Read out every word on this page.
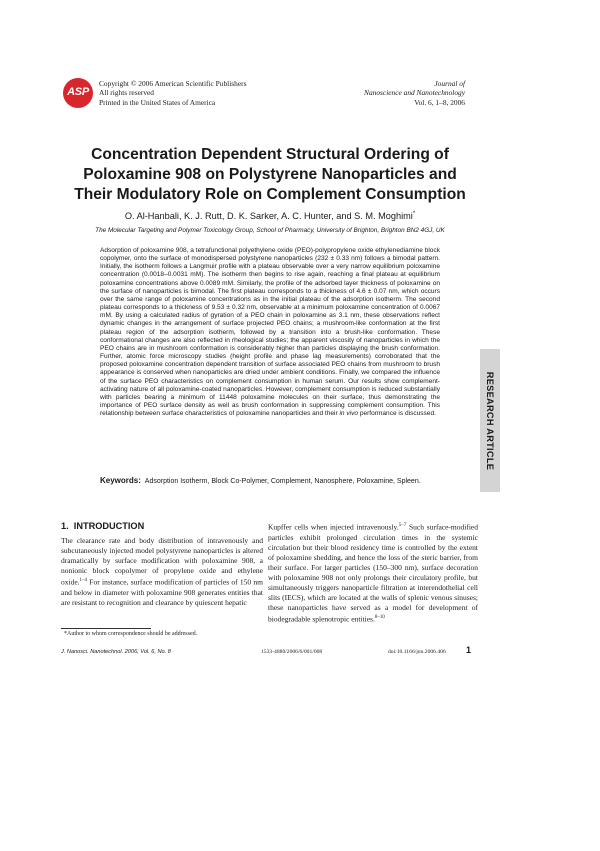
ASP
Copyright © 2006 American Scientific Publishers
All rights reserved
Printed in the United States of America
Journal of
Nanoscience and Nanotechnology
Vol. 6, 1–8, 2006
Concentration Dependent Structural Ordering of Poloxamine 908 on Polystyrene Nanoparticles and Their Modulatory Role on Complement Consumption
O. Al-Hanbali, K. J. Rutt, D. K. Sarker, A. C. Hunter, and S. M. Moghimi*
The Molecular Targeting and Polymer Toxicology Group, School of Pharmacy, University of Brighton, Brighton BN2 4GJ, UK
Adsorption of poloxamine 908, a tetrafunctional polyethylene oxide (PEO)-polypropylene oxide ethylenediamine block copolymer, onto the surface of monodispersed polystyrene nanoparticles (232 ± 0.33 nm) follows a bimodal pattern. Initially, the isotherm follows a Langmuir profile with a plateau observable over a very narrow equilibrium poloxamine concentration (0.0018–0.0031 mM). The isotherm then begins to rise again, reaching a final plateau at equilibrium poloxamine concentrations above 0.0089 mM. Similarly, the profile of the adsorbed layer thickness of poloxamine on the surface of nanoparticles is bimodal. The first plateau corresponds to a thickness of 4.6 ± 0.07 nm, which occurs over the same range of poloxamine concentrations as in the initial plateau of the adsorption isotherm. The second plateau corresponds to a thickness of 9.53 ± 0.32 nm, observable at a minimum poloxamine concentration of 0.0067 mM. By using a calculated radius of gyration of a PEO chain in poloxamine as 3.1 nm, these observations reflect dynamic changes in the arrangement of surface projected PEO chains; a mushroom-like conformation at the first plateau region of the adsorption isotherm, followed by a transition into a brush-like conformation. These conformational changes are also reflected in rheological studies; the apparent viscosity of nanoparticles in which the PEO chains are in mushroom conformation is considerably higher than particles displaying the brush conformation. Further, atomic force microscopy studies (height profile and phase lag measurements) corroborated that the proposed poloxamine concentration dependent transition of surface associated PEO chains from mushroom to brush appearance is conserved when nanoparticles are dried under ambient conditions. Finally, we compared the influence of the surface PEO characteristics on complement consumption in human serum. Our results show complement-activating nature of all poloxamine-coated nanoparticles. However, complement consumption is reduced substantially with particles bearing a minimum of 11448 poloxamine molecules on their surface, thus demonstrating the importance of PEO surface density as well as brush conformation in suppressing complement consumption. This relationship between surface characteristics of poloxamine nanoparticles and their in vivo performance is discussed.
Keywords: Adsorption Isotherm, Block Co-Polymer, Complement, Nanosphere, Poloxamine, Spleen.
RESEARCH ARTICLE
1. INTRODUCTION
The clearance rate and body distribution of intravenously and subcutaneously injected model polystyrene nanoparticles is altered dramatically by surface modification with poloxamine 908, a nonionic block copolymer of propylene oxide and ethylene oxide.$^{1-4}$ For instance, surface modification of particles of 150 nm and below in diameter with poloxamine 908 generates entities that are resistant to recognition and clearance by quiescent hepatic
Kupffer cells when injected intravenously.$^{5-7}$ Such surface-modified particles exhibit prolonged circulation times in the systemic circulation but their blood residency time is controlled by the extent of poloxamine shedding, and hence the loss of the steric barrier, from their surface. For larger particles (150–300 nm), surface decoration with poloxamine 908 not only prolongs their circulatory profile, but simultaneously triggers nanoparticle filtration at interendothelial cell slits (IECS), which are located at the walls of splenic venous sinuses; these nanoparticles have served as a model for development of biodegradable splenotropic entities.$^{8-10}$
*Author to whom correspondence should be addressed.
J. Nanosci. Nanotechnol. 2006, Vol. 6, No. 8	1533-4880/2006/6/001/008	doi:10.1166/jnn.2006.406 1
